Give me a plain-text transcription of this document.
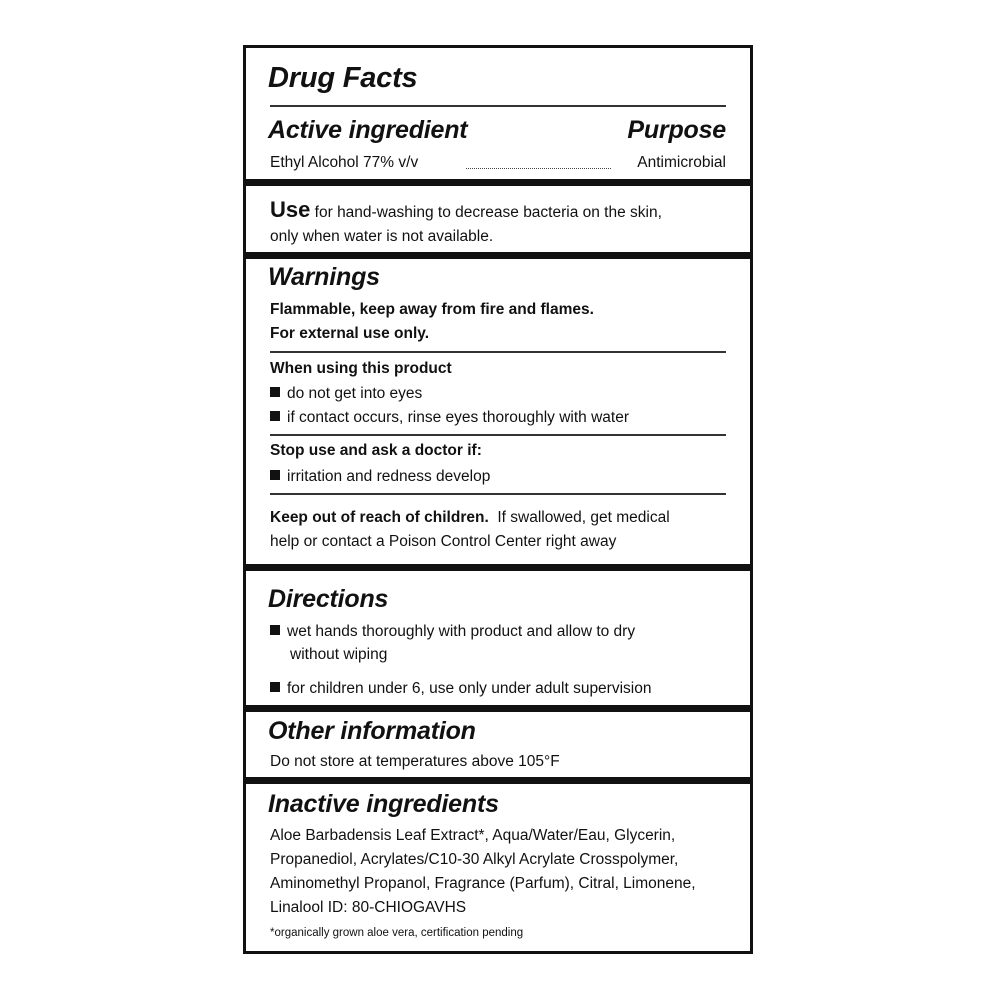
Drug Facts
Active ingredient	Purpose
Ethyl Alcohol 77% v/v	Antimicrobial
Use for hand-washing to decrease bacteria on the skin,
only when water is not available.
Warnings
Flammable, keep away from fire and flames.
For external use only.
When using this product
do not get into eyes
if contact occurs, rinse eyes thoroughly with water
Stop use and ask a doctor if:
irritation and redness develop
Keep out of reach of children. If swallowed, get medical
help or contact a Poison Control Center right away
Directions
wet hands thoroughly with product and allow to dry
without wiping
for children under 6, use only under adult supervision
Other information
Do not store at temperatures above 105°F
Inactive ingredients
Aloe Barbadensis Leaf Extract*, Aqua/Water/Eau, Glycerin,
Propanediol, Acrylates/C10-30 Alkyl Acrylate Crosspolymer,
Aminomethyl Propanol, Fragrance (Parfum), Citral, Limonene,
Linalool ID: 80-CHIOGAVHS
*organically grown aloe vera, certification pending
